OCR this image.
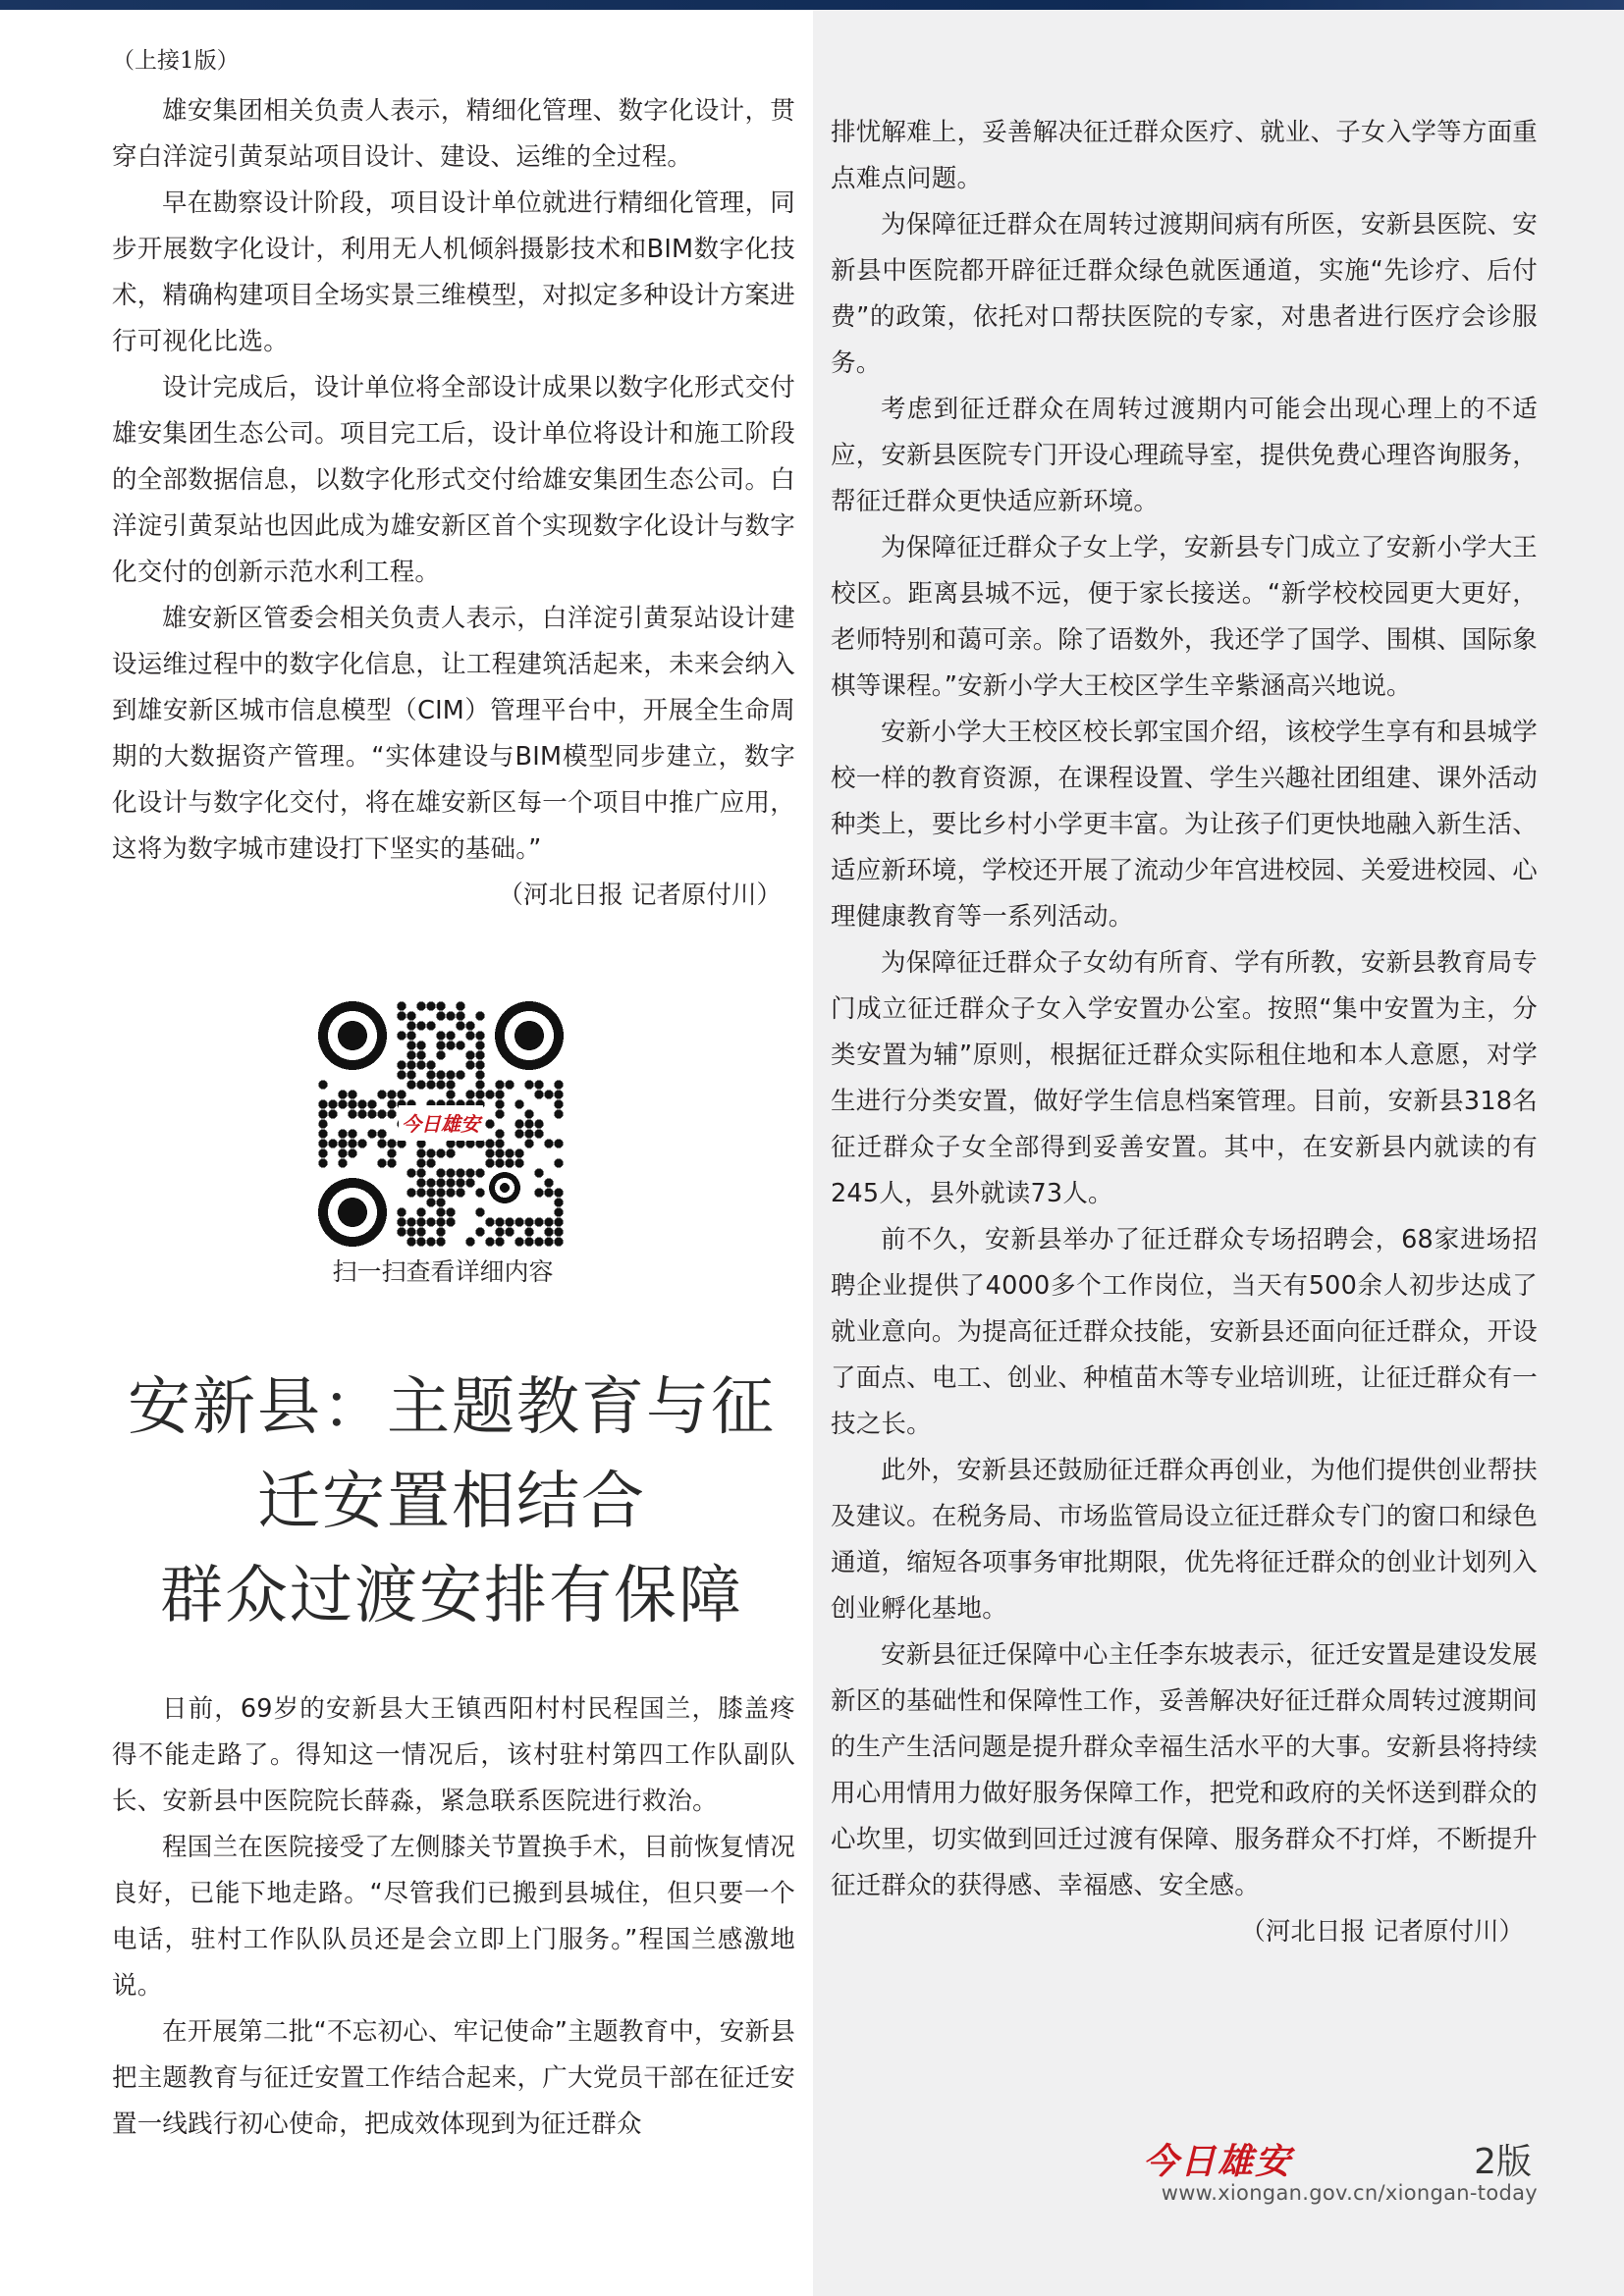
（上接1版）

雄安集团相关负责人表示，精细化管理、数字化设计，贯穿白洋淀引黄泵站项目设计、建设、运维的全过程。

早在勘察设计阶段，项目设计单位就进行精细化管理，同步开展数字化设计，利用无人机倾斜摄影技术和BIM数字化技术，精确构建项目全场实景三维模型，对拟定多种设计方案进行可视化比选。

设计完成后，设计单位将全部设计成果以数字化形式交付雄安集团生态公司。项目完工后，设计单位将设计和施工阶段的全部数据信息，以数字化形式交付给雄安集团生态公司。白洋淀引黄泵站也因此成为雄安新区首个实现数字化设计与数字化交付的创新示范水利工程。

雄安新区管委会相关负责人表示，白洋淀引黄泵站设计建设运维过程中的数字化信息，让工程建筑活起来，未来会纳入到雄安新区城市信息模型（CIM）管理平台中，开展全生命周期的大数据资产管理。“实体建设与BIM模型同步建立，数字化设计与数字化交付，将在雄安新区每一个项目中推广应用，这将为数字城市建设打下坚实的基础。”

（河北日报 记者原付川）

今日雄安
扫一扫查看详细内容
安新县：主题教育与征
迁安置相结合
群众过渡安排有保障

日前，69岁的安新县大王镇西阳村村民程国兰，膝盖疼得不能走路了。得知这一情况后，该村驻村第四工作队副队长、安新县中医院院长薛淼，紧急联系医院进行救治。

程国兰在医院接受了左侧膝关节置换手术，目前恢复情况良好，已能下地走路。“尽管我们已搬到县城住，但只要一个电话，驻村工作队队员还是会立即上门服务。”程国兰感激地说。

在开展第二批“不忘初心、牢记使命”主题教育中，安新县把主题教育与征迁安置工作结合起来，广大党员干部在征迁安置一线践行初心使命，把成效体现到为征迁群众

排忧解难上，妥善解决征迁群众医疗、就业、子女入学等方面重点难点问题。

为保障征迁群众在周转过渡期间病有所医，安新县医院、安新县中医院都开辟征迁群众绿色就医通道，实施“先诊疗、后付费”的政策，依托对口帮扶医院的专家，对患者进行医疗会诊服务。

考虑到征迁群众在周转过渡期内可能会出现心理上的不适应，安新县医院专门开设心理疏导室，提供免费心理咨询服务，帮征迁群众更快适应新环境。

为保障征迁群众子女上学，安新县专门成立了安新小学大王校区。距离县城不远，便于家长接送。“新学校校园更大更好，老师特别和蔼可亲。除了语数外，我还学了国学、围棋、国际象棋等课程。”安新小学大王校区学生辛紫涵高兴地说。

安新小学大王校区校长郭宝国介绍，该校学生享有和县城学校一样的教育资源，在课程设置、学生兴趣社团组建、课外活动种类上，要比乡村小学更丰富。为让孩子们更快地融入新生活、适应新环境，学校还开展了流动少年宫进校园、关爱进校园、心理健康教育等一系列活动。

为保障征迁群众子女幼有所育、学有所教，安新县教育局专门成立征迁群众子女入学安置办公室。按照“集中安置为主，分类安置为辅”原则，根据征迁群众实际租住地和本人意愿，对学生进行分类安置，做好学生信息档案管理。目前，安新县318名征迁群众子女全部得到妥善安置。其中，在安新县内就读的有245人，县外就读73人。

前不久，安新县举办了征迁群众专场招聘会，68家进场招聘企业提供了4000多个工作岗位，当天有500余人初步达成了就业意向。为提高征迁群众技能，安新县还面向征迁群众，开设了面点、电工、创业、种植苗木等专业培训班，让征迁群众有一技之长。

此外，安新县还鼓励征迁群众再创业，为他们提供创业帮扶及建议。在税务局、市场监管局设立征迁群众专门的窗口和绿色通道，缩短各项事务审批期限，优先将征迁群众的创业计划列入创业孵化基地。

安新县征迁保障中心主任李东坡表示，征迁安置是建设发展新区的基础性和保障性工作，妥善解决好征迁群众周转过渡期间的生产生活问题是提升群众幸福生活水平的大事。安新县将持续用心用情用力做好服务保障工作，把党和政府的关怀送到群众的心坎里，切实做到回迁过渡有保障、服务群众不打烊，不断提升征迁群众的获得感、幸福感、安全感。

（河北日报 记者原付川）

今日雄安	2版
www.xiongan.gov.cn/xiongan-today
